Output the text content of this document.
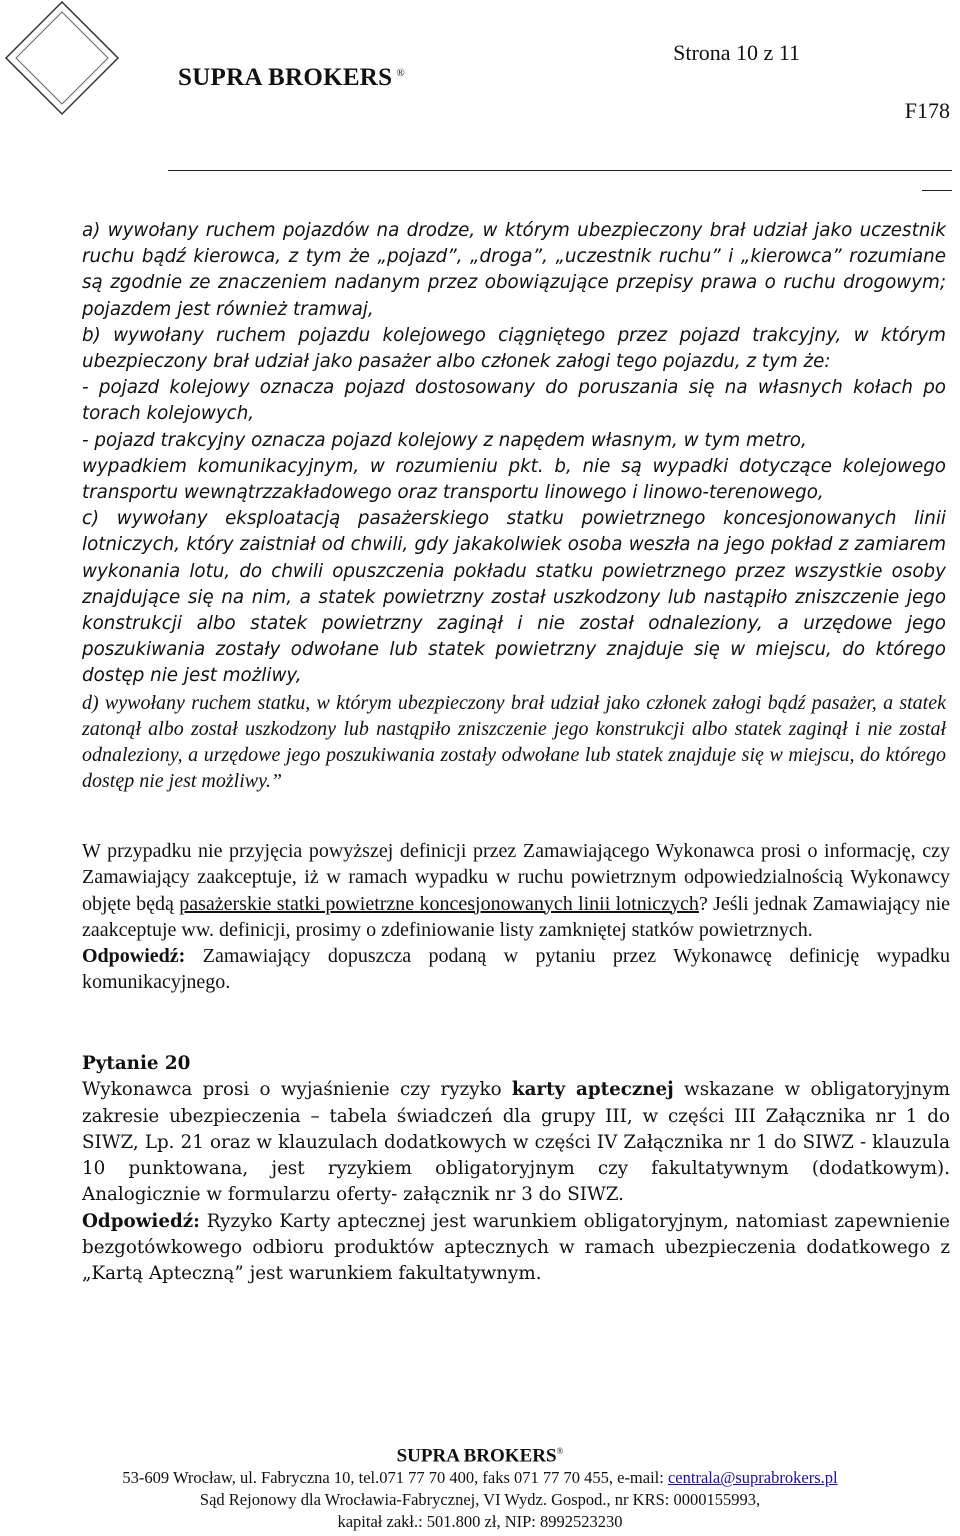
SUPRA BROKERS ®
Strona 10 z 11
F178

a) wywołany ruchem pojazdów na drodze, w którym ubezpieczony brał udział jako uczestnik ruchu bądź kierowca, z tym że „pojazd”, „droga”, „uczestnik ruchu” i „kierowca” rozumiane są zgodnie ze znaczeniem nadanym przez obowiązujące przepisy prawa o ruchu drogowym; pojazdem jest również tramwaj,

b) wywołany ruchem pojazdu kolejowego ciągniętego przez pojazd trakcyjny, w którym ubezpieczony brał udział jako pasażer albo członek załogi tego pojazdu, z tym że:

- pojazd kolejowy oznacza pojazd dostosowany do poruszania się na własnych kołach po torach kolejowych,

- pojazd trakcyjny oznacza pojazd kolejowy z napędem własnym, w tym metro,

wypadkiem komunikacyjnym, w rozumieniu pkt. b, nie są wypadki dotyczące kolejowego transportu wewnątrzzakładowego oraz transportu linowego i linowo-terenowego,

c) wywołany eksploatacją pasażerskiego statku powietrznego koncesjonowanych linii lotniczych, który zaistniał od chwili, gdy jakakolwiek osoba weszła na jego pokład z zamiarem wykonania lotu, do chwili opuszczenia pokładu statku powietrznego przez wszystkie osoby znajdujące się na nim, a statek powietrzny został uszkodzony lub nastąpiło zniszczenie jego konstrukcji albo statek powietrzny zaginął i nie został odnaleziony, a urzędowe jego poszukiwania zostały odwołane lub statek powietrzny znajduje się w miejscu, do którego dostęp nie jest możliwy,

d) wywołany ruchem statku, w którym ubezpieczony brał udział jako członek załogi bądź pasażer, a statek zatonął albo został uszkodzony lub nastąpiło zniszczenie jego konstrukcji albo statek zaginął i nie został odnaleziony, a urzędowe jego poszukiwania zostały odwołane lub statek znajduje się w miejscu, do którego dostęp nie jest możliwy.”

W przypadku nie przyjęcia powyższej definicji przez Zamawiającego Wykonawca prosi o informację, czy Zamawiający zaakceptuje, iż w ramach wypadku w ruchu powietrznym odpowiedzialnością Wykonawcy objęte będą pasażerskie statki powietrzne koncesjonowanych linii lotniczych? Jeśli jednak Zamawiający nie zaakceptuje ww. definicji, prosimy o zdefiniowanie listy zamkniętej statków powietrznych.

Odpowiedź: Zamawiający dopuszcza podaną w pytaniu przez Wykonawcę definicję wypadku komunikacyjnego.

Pytanie 20

Wykonawca prosi o wyjaśnienie czy ryzyko karty aptecznej wskazane w obligatoryjnym zakresie ubezpieczenia – tabela świadczeń dla grupy III, w części III Załącznika nr 1 do SIWZ, Lp. 21 oraz w klauzulach dodatkowych w części IV Załącznika nr 1 do SIWZ - klauzula 10 punktowana, jest ryzykiem obligatoryjnym czy fakultatywnym (dodatkowym). Analogicznie w formularzu oferty- załącznik nr 3 do SIWZ.

Odpowiedź: Ryzyko Karty aptecznej jest warunkiem obligatoryjnym, natomiast zapewnienie bezgotówkowego odbioru produktów aptecznych w ramach ubezpieczenia dodatkowego z „Kartą Apteczną” jest warunkiem fakultatywnym.

SUPRA BROKERS®
53-609 Wrocław, ul. Fabryczna 10, tel.071 77 70 400, faks 071 77 70 455, e-mail: centrala@suprabrokers.pl
Sąd Rejonowy dla Wrocławia-Fabrycznej, VI Wydz. Gospod., nr KRS: 0000155993,
kapitał zakł.: 501.800 zł, NIP: 8992523230
